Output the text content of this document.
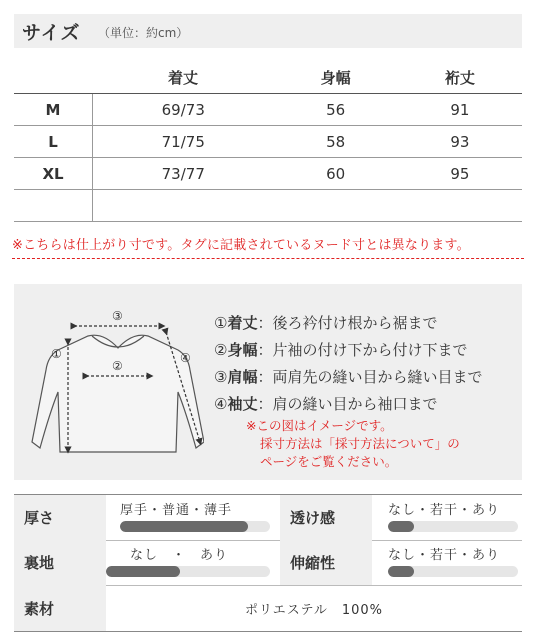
サイズ （単位：約cm）
	着丈	身幅	裄丈
M	69/73	56	91
L	71/75	58	93
XL	73/77	60	95

※こちらは仕上がり寸です。タグに記載されているヌード寸とは異なります。
①
②
③
④
①着丈：後ろ衿付け根から裾まで
②身幅：片袖の付け下から付け下まで
③肩幅：両肩先の縫い目から縫い目まで
④袖丈：肩の縫い目から袖口まで
※この図はイメージです。
採寸方法は「採寸方法について」の
ページをご覧ください。
厚さ	厚手・普通・薄手	透け感	なし・若干・あり
裏地	なし　・　あり	伸縮性	なし・若干・あり
素材	ポリエステル　100%
